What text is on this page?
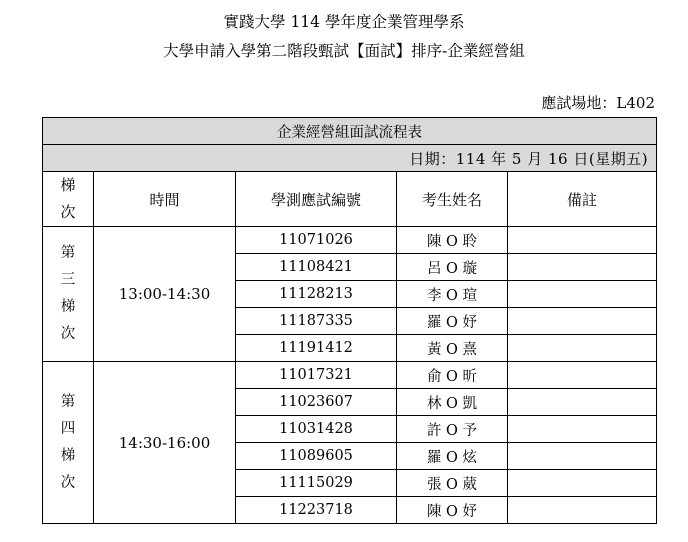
實踐大學 114 學年度企業管理學系
大學申請入學第二階段甄試【面試】排序-企業經營組
應試場地：L402
企業經營組面試流程表				
日期：114 年 5 月 16 日(星期五)				
梯次	時間	學測應試編號	考生姓名	備註
第三梯次	13:00-14:30	11071026	陳 O 聆	
		11108421	呂 O 璇	
		11128213	李 O 瑄	
		11187335	羅 O 妤	
		11191412	黃 O 熹	
第四梯次	14:30-16:00	11017321	俞 O 昕	
		11023607	林 O 凱	
		11031428	許 O 予	
		11089605	羅 O 炫	
		11115029	張 O 葳	
		11223718	陳 O 妤	
